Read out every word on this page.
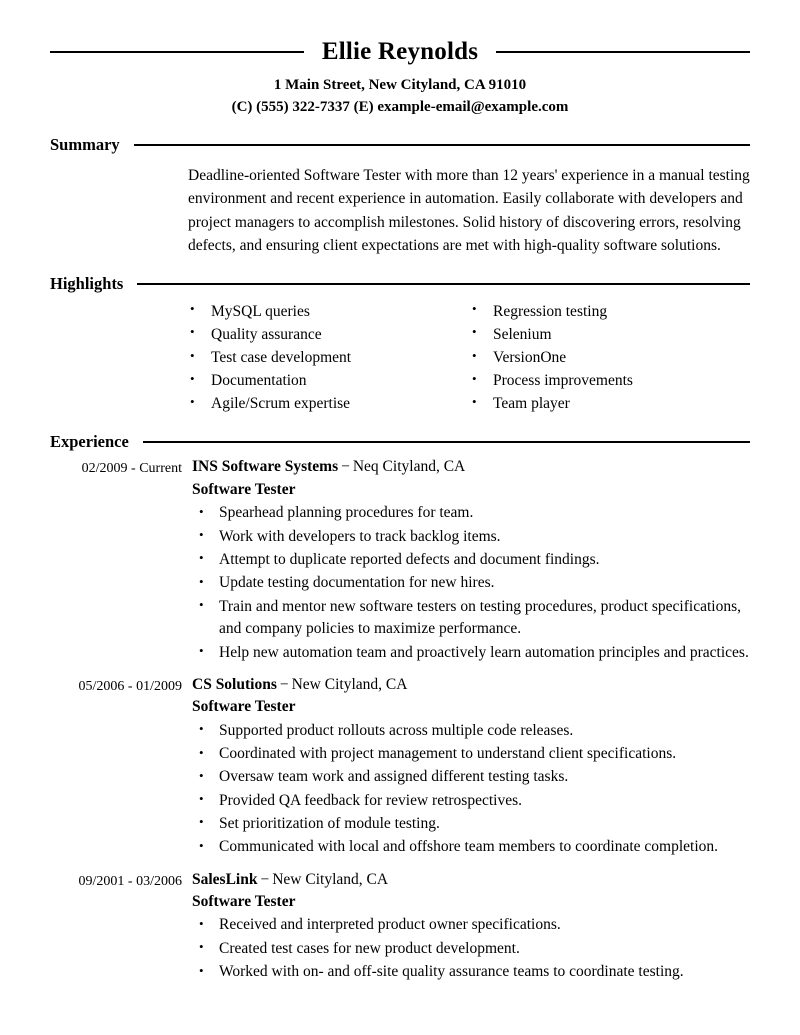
Ellie Reynolds
1 Main Street, New Cityland, CA 91010
(C) (555) 322-7337 (E) example-email@example.com
Summary
Deadline-oriented Software Tester with more than 12 years' experience in a manual testing environment and recent experience in automation. Easily collaborate with developers and project managers to accomplish milestones. Solid history of discovering errors, resolving defects, and ensuring client expectations are met with high-quality software solutions.
Highlights
• MySQL queries
• Quality assurance
• Test case development
• Documentation
• Agile/Scrum expertise
• Regression testing
• Selenium
• VersionOne
• Process improvements
• Team player
Experience
02/2009 - Current INS Software Systems − Neq Cityland, CA
Software Tester
• Spearhead planning procedures for team.
• Work with developers to track backlog items.
• Attempt to duplicate reported defects and document findings.
• Update testing documentation for new hires.
• Train and mentor new software testers on testing procedures, product specifications, and company policies to maximize performance.
• Help new automation team and proactively learn automation principles and practices.
05/2006 - 01/2009 CS Solutions − New Cityland, CA
Software Tester
• Supported product rollouts across multiple code releases.
• Coordinated with project management to understand client specifications.
• Oversaw team work and assigned different testing tasks.
• Provided QA feedback for review retrospectives.
• Set prioritization of module testing.
• Communicated with local and offshore team members to coordinate completion.
09/2001 - 03/2006 SalesLink − New Cityland, CA
Software Tester
• Received and interpreted product owner specifications.
• Created test cases for new product development.
• Worked with on- and off-site quality assurance teams to coordinate testing.
